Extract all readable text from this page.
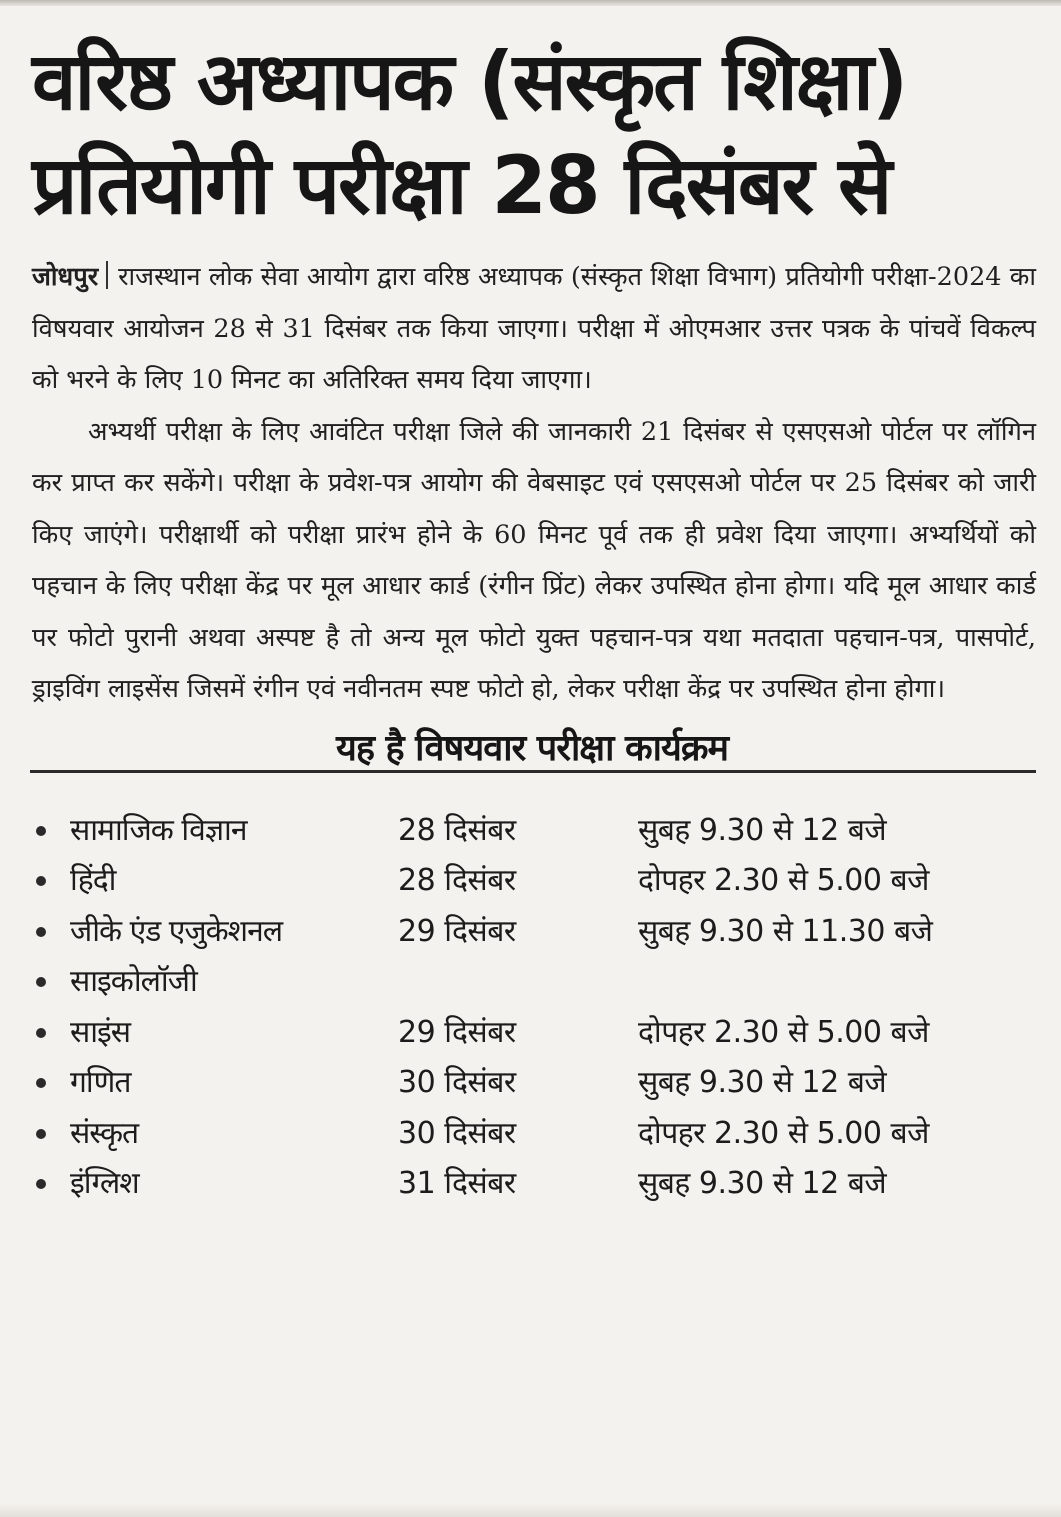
वरिष्ठ अध्यापक (संस्कृत शिक्षा)
प्रतियोगी परीक्षा 28 दिसंबर से

जोधपुर राजस्थान लोक सेवा आयोग द्वारा वरिष्ठ अध्यापक (संस्कृत शिक्षा विभाग) प्रतियोगी परीक्षा-2024 का विषयवार आयोजन 28 से 31 दिसंबर तक किया जाएगा। परीक्षा में ओएमआर उत्तर पत्रक के पांचवें विकल्प को भरने के लिए 10 मिनट का अतिरिक्त समय दिया जाएगा।

अभ्यर्थी परीक्षा के लिए आवंटित परीक्षा जिले की जानकारी 21 दिसंबर से एसएसओ पोर्टल पर लॉगिन कर प्राप्त कर सकेंगे। परीक्षा के प्रवेश-पत्र आयोग की वेबसाइट एवं एसएसओ पोर्टल पर 25 दिसंबर को जारी किए जाएंगे। परीक्षार्थी को परीक्षा प्रारंभ होने के 60 मिनट पूर्व तक ही प्रवेश दिया जाएगा। अभ्यर्थियों को पहचान के लिए परीक्षा केंद्र पर मूल आधार कार्ड (रंगीन प्रिंट) लेकर उपस्थित होना होगा। यदि मूल आधार कार्ड पर फोटो पुरानी अथवा अस्पष्ट है तो अन्य मूल फोटो युक्त पहचान-पत्र यथा मतदाता पहचान-पत्र, पासपोर्ट, ड्राइविंग लाइसेंस जिसमें रंगीन एवं नवीनतम स्पष्ट फोटो हो, लेकर परीक्षा केंद्र पर उपस्थित होना होगा।

यह है विषयवार परीक्षा कार्यक्रम
सामाजिक विज्ञान	28 दिसंबर	सुबह 9.30 से 12 बजे
हिंदी	28 दिसंबर	दोपहर 2.30 से 5.00 बजे
जीके एंड एजुकेशनल	29 दिसंबर	सुबह 9.30 से 11.30 बजे
साइकोलॉजी
साइंस	29 दिसंबर	दोपहर 2.30 से 5.00 बजे
गणित	30 दिसंबर	सुबह 9.30 से 12 बजे
संस्कृत	30 दिसंबर	दोपहर 2.30 से 5.00 बजे
इंग्लिश	31 दिसंबर	सुबह 9.30 से 12 बजे
